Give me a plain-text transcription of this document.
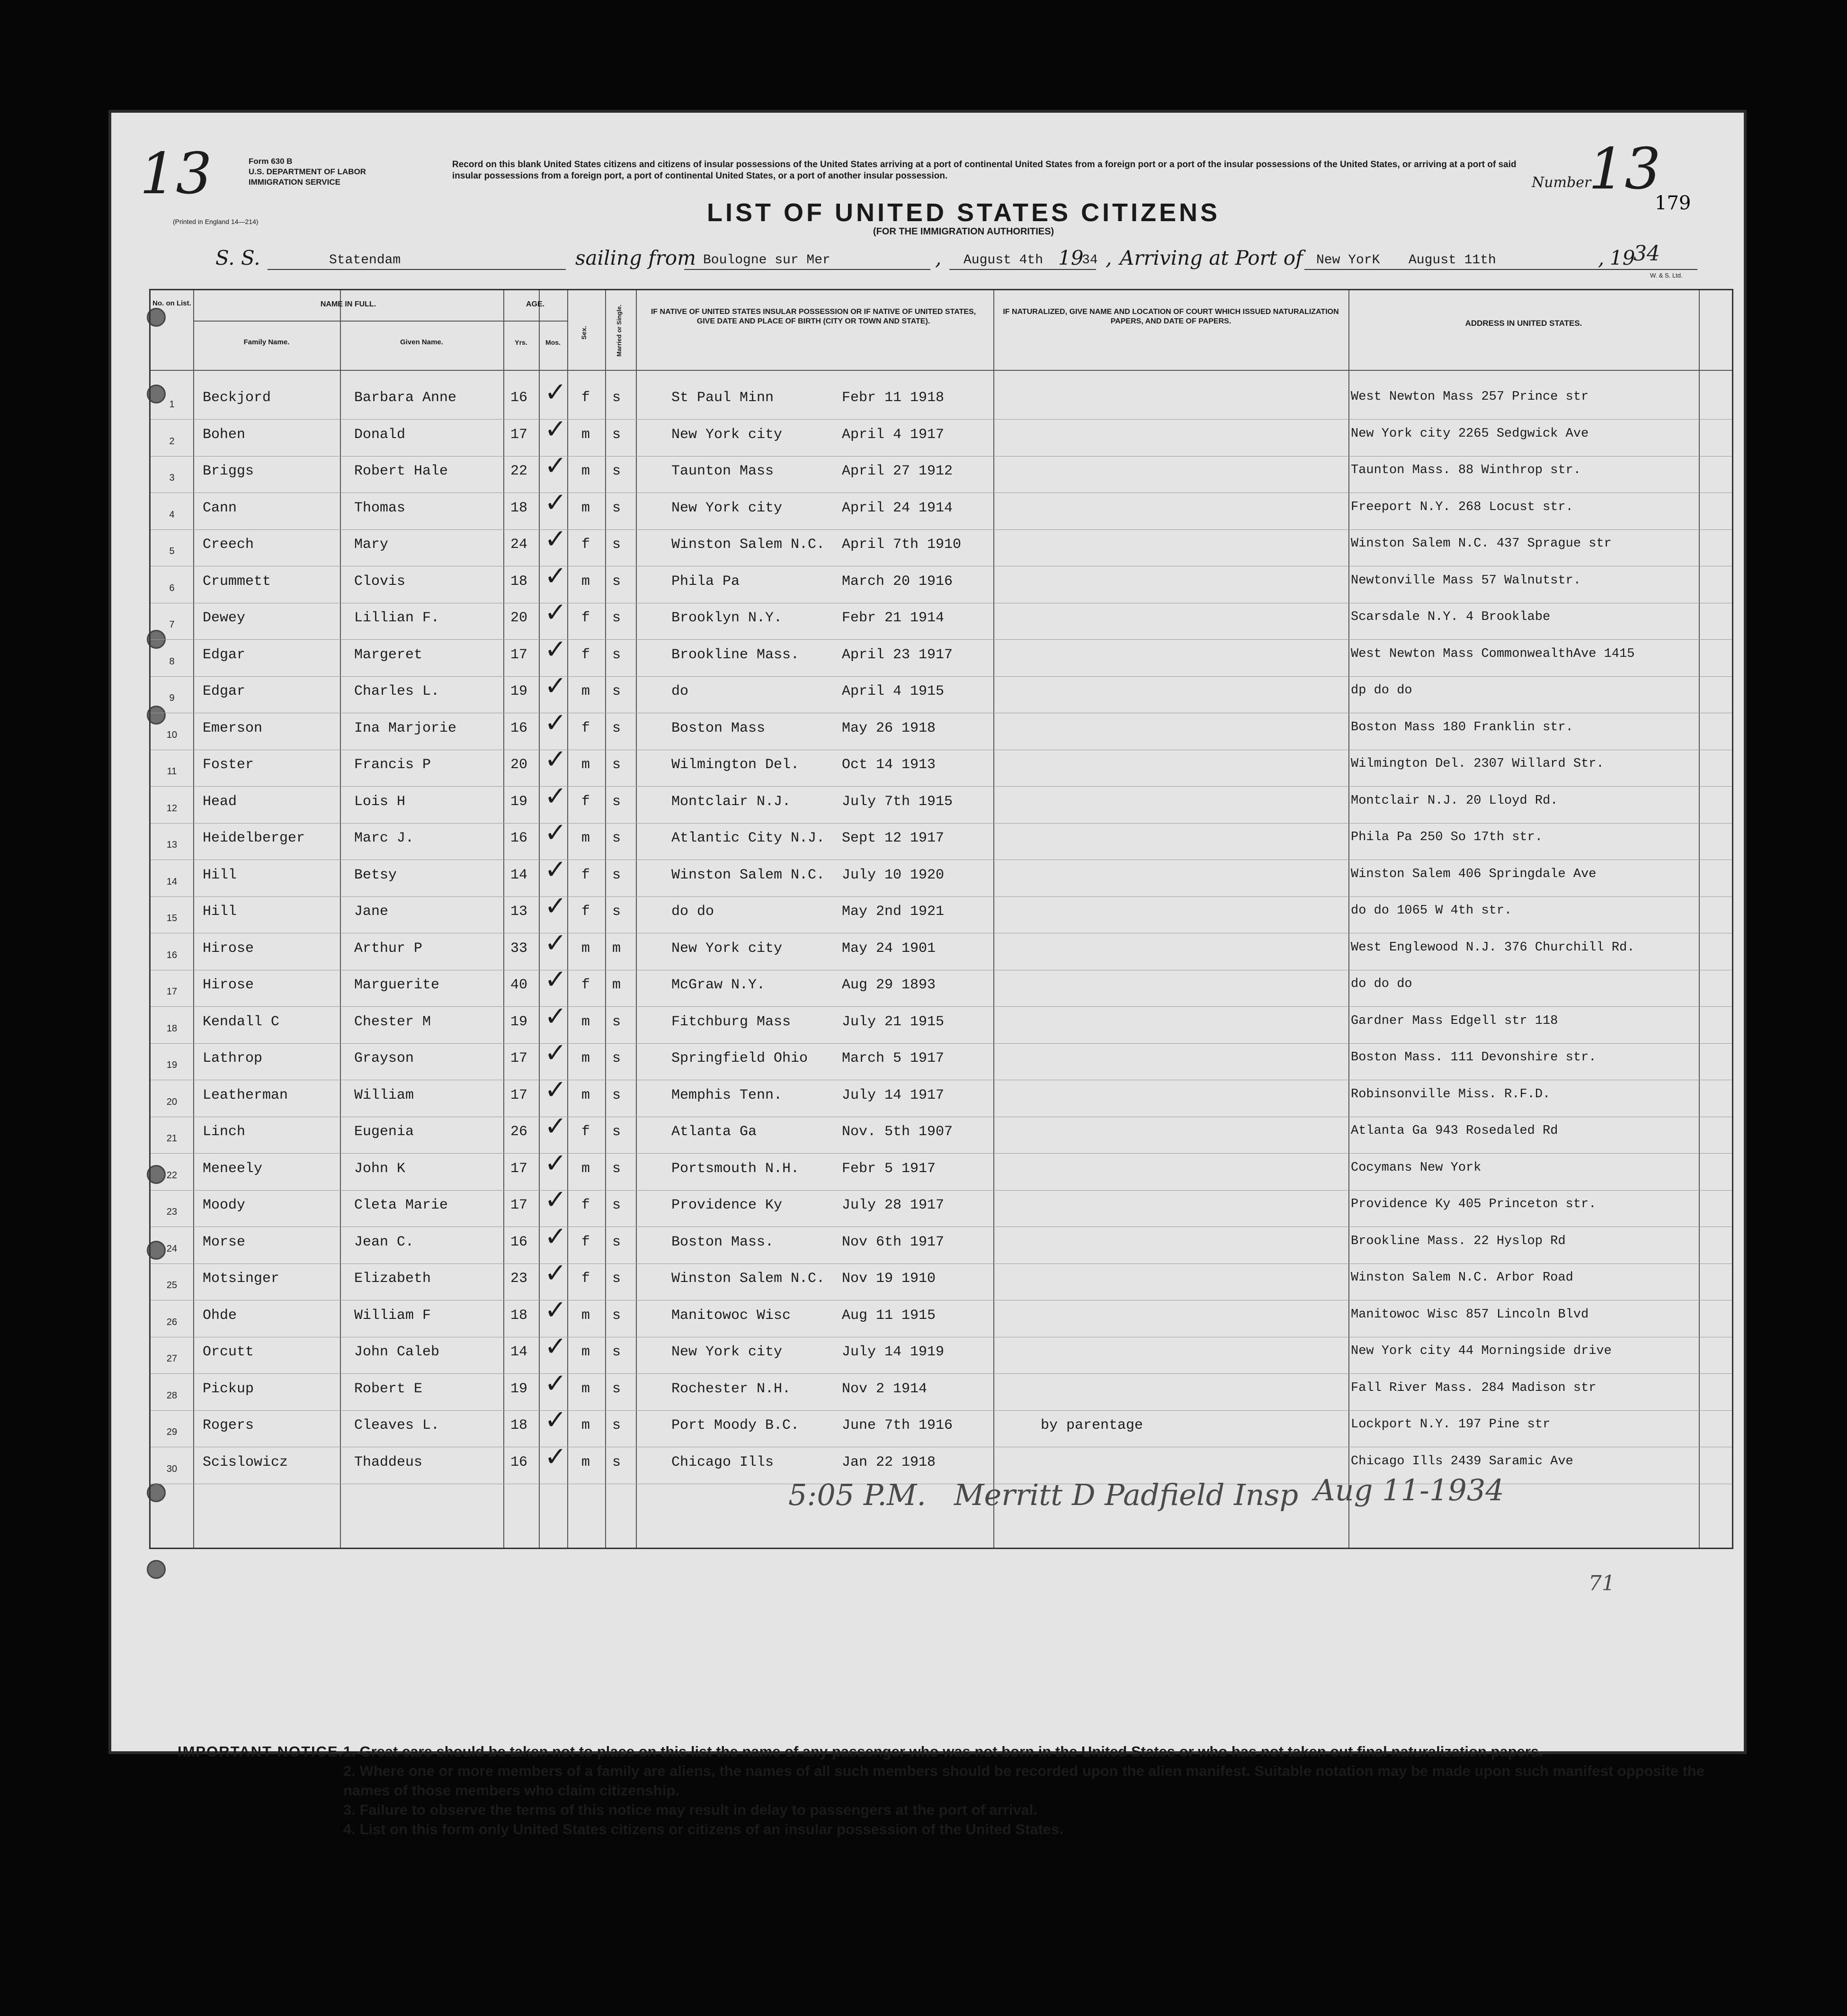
13	Form 630 B
U.S. DEPARTMENT OF LABOR
IMMIGRATION SERVICE
(Printed in England 14—214)
Record on this blank United States citizens and citizens of insular possessions of the United States arriving at a port of continental United States from a foreign port or a port of the insular possessions of the United States, or arriving at a port of said insular possessions from a foreign port, a port of continental United States, or a port of another insular possession.
LIST OF UNITED STATES CITIZENS
(FOR THE IMMIGRATION AUTHORITIES)
Number
13
179
S. S.	Statendam	sailing from Boulogne sur Mer	, August 4th 19
34 , Arriving at Port of New YorK August 11th	, 19
34
W. & S. Ltd.
No. on List.	NAME IN FULL.
Family Name.	Given Name.
AGE.
Yrs.	Mos.
Sex.	Married or Single.	IF NATIVE OF UNITED STATES INSULAR POSSESSION OR IF NATIVE OF UNITED STATES, GIVE DATE AND PLACE OF BIRTH (CITY OR TOWN AND STATE).
IF NATURALIZED, GIVE NAME AND LOCATION OF COURT WHICH ISSUED NATURALIZATION PAPERS, AND DATE OF PAPERS.	ADDRESS IN UNITED STATES.
1	Beckjord	Barbara Anne	16	f s	St Paul Minn	Febr 11 1918	West Newton Mass 257 Prince str
✓
2	Bohen	Donald	17	m s	New York city	April 4 1917	New York city 2265 Sedgwick Ave
✓
3	Briggs	Robert Hale	22	m s	Taunton Mass	April 27 1912	Taunton Mass. 88 Winthrop str.
✓
4	Cann	Thomas	18	m s	New York city	April 24 1914	Freeport N.Y. 268 Locust str.
✓
5	Creech	Mary	24	f s	Winston Salem N.C. April 7th 1910	Winston Salem N.C. 437 Sprague str
✓
6	Crummett	Clovis	18	m s	Phila Pa	March 20 1916	Newtonville Mass 57 Walnutstr.
✓
7	Dewey	Lillian F.	20	f s	Brooklyn N.Y.	Febr 21 1914	Scarsdale N.Y. 4 Brooklabe
✓
8	Edgar	Margeret	17	f s	Brookline Mass.	April 23 1917	West Newton Mass CommonwealthAve 1415
✓
9	Edgar	Charles L.	19	m s	do	April 4 1915	dp do do
✓
10	Emerson	Ina Marjorie	16	f s	Boston Mass	May 26 1918	Boston Mass 180 Franklin str.
✓
11	Foster	Francis P	20	m s	Wilmington Del.	Oct 14 1913	Wilmington Del. 2307 Willard Str.
✓
12	Head	Lois H	19	f s	Montclair N.J.	July 7th 1915	Montclair N.J. 20 Lloyd Rd.
✓
13	Heidelberger	Marc J.	16	m s	Atlantic City N.J. Sept 12 1917	Phila Pa 250 So 17th str.
✓
14	Hill	Betsy	14	f s	Winston Salem N.C. July 10 1920	Winston Salem 406 Springdale Ave
✓
15	Hill	Jane	13	f s	do do	May 2nd 1921	do do 1065 W 4th str.
✓
16	Hirose	Arthur P	33	m m	New York city	May 24 1901	West Englewood N.J. 376 Churchill Rd.
✓
17	Hirose	Marguerite	40	f m	McGraw N.Y.	Aug 29 1893	do do do
✓
18	Kendall C	Chester M	19	m s	Fitchburg Mass	July 21 1915	Gardner Mass Edgell str 118
✓
19	Lathrop	Grayson	17	m s	Springfield Ohio March 5 1917	Boston Mass. 111 Devonshire str.
✓
20	Leatherman	William	17	m s	Memphis Tenn.	July 14 1917	Robinsonville Miss. R.F.D.
✓
21	Linch	Eugenia	26	f s	Atlanta Ga	Nov. 5th 1907	Atlanta Ga 943 Rosedaled Rd
✓
22	Meneely	John K	17	m s	Portsmouth N.H.	Febr 5 1917	Cocymans New York
✓
23	Moody	Cleta Marie	17	f s	Providence Ky	July 28 1917	Providence Ky 405 Princeton str.
✓
24	Morse	Jean C.	16	f s	Boston Mass.	Nov 6th 1917	Brookline Mass. 22 Hyslop Rd
✓
25	Motsinger	Elizabeth	23	f s	Winston Salem N.C. Nov 19 1910	Winston Salem N.C. Arbor Road
✓
26	Ohde	William F	18	m s	Manitowoc Wisc	Aug 11 1915	Manitowoc Wisc 857 Lincoln Blvd
✓
27	Orcutt	John Caleb	14	m s	New York city	July 14 1919	New York city 44 Morningside drive
✓
28	Pickup	Robert E	19	m s	Rochester N.H.	Nov 2 1914	Fall River Mass. 284 Madison str
✓
29	Rogers	Cleaves L.	18	m s	Port Moody B.C.	June 7th 1916	by parentage	Lockport N.Y. 197 Pine str
✓
30	Scislowicz	Thaddeus	16	m s	Chicago Ills	Jan 22 1918	Chicago Ills 2439 Saramic Ave
✓
5:05 P.M. Merritt D Padfield Insp Aug 11-1934
71
IMPORTANT NOTICE.—
1. Great care should be taken not to place on this list the name of any passenger who was not born in the United States or who has not taken out final naturalization papers.
2. Where one or more members of a family are aliens, the names of all such members should be recorded upon the alien manifest. Suitable notation may be made upon such manifest opposite the names of those members who claim citizenship.
3. Failure to observe the terms of this notice may result in delay to passengers at the port of arrival.
4. List on this form only United States citizens or citizens of an insular possession of the United States.
